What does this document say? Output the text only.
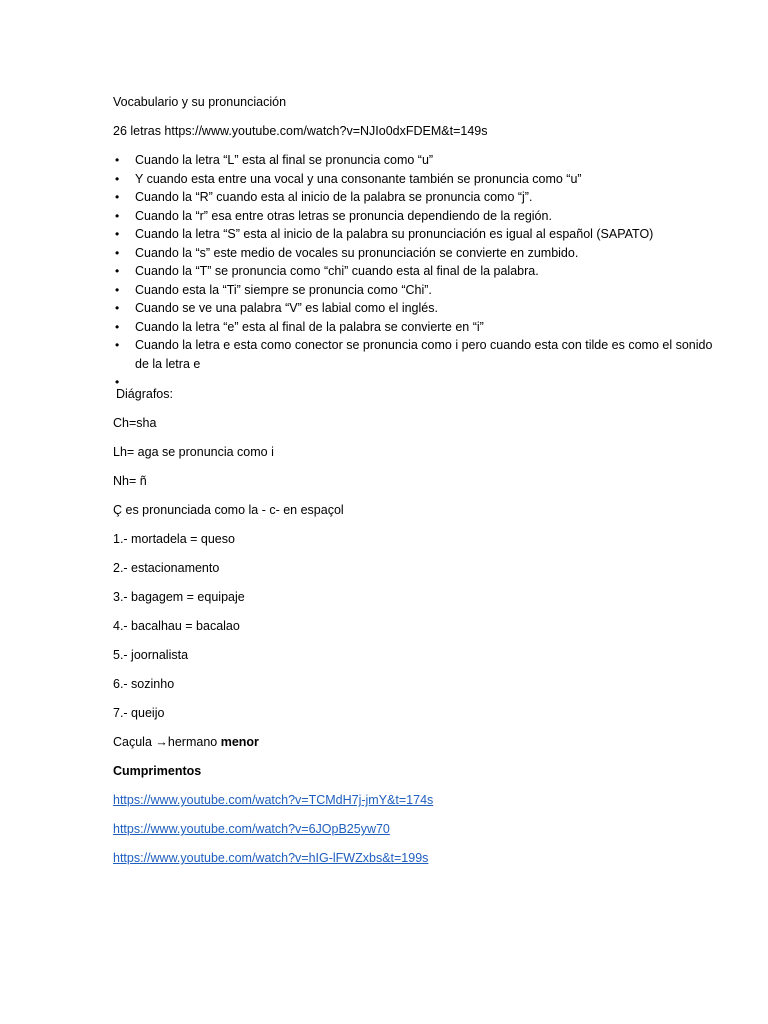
Vocabulario y su pronunciación

26 letras https://www.youtube.com/watch?v=NJIo0dxFDEM&t=149s

• Cuando la letra “L” esta al final se pronuncia como “u”
• Y cuando esta entre una vocal y una consonante también se pronuncia como “u”
• Cuando la “R” cuando esta al inicio de la palabra se pronuncia como “j”.
• Cuando la “r” esa entre otras letras se pronuncia dependiendo de la región.
• Cuando la letra “S” esta al inicio de la palabra su pronunciación es igual al español (SAPATO)
• Cuando la “s” este medio de vocales su pronunciación se convierte en zumbido.
• Cuando la “T” se pronuncia como “chi” cuando esta al final de la palabra.
• Cuando esta la “Ti” siempre se pronuncia como “Chi”.
• Cuando se ve una palabra “V” es labial como el inglés.
• Cuando la letra “e” esta al final de la palabra se convierte en “i”
• Cuando la letra e esta como conector se pronuncia como i pero cuando esta con tilde es como el sonido de la letra e
•

Diágrafos:

Ch=sha

Lh= aga se pronuncia como i

Nh= ñ

Ç es pronunciada como la - c- en espaçol

1.- mortadela = queso

2.- estacionamento

3.- bagagem = equipaje

4.- bacalhau = bacalao

5.- joornalista

6.- sozinho

7.- queijo

Caçula →hermano menor

Cumprimentos

https://www.youtube.com/watch?v=TCMdH7j-jmY&t=174s

https://www.youtube.com/watch?v=6JOpB25yw70

https://www.youtube.com/watch?v=hIG-lFWZxbs&t=199s
